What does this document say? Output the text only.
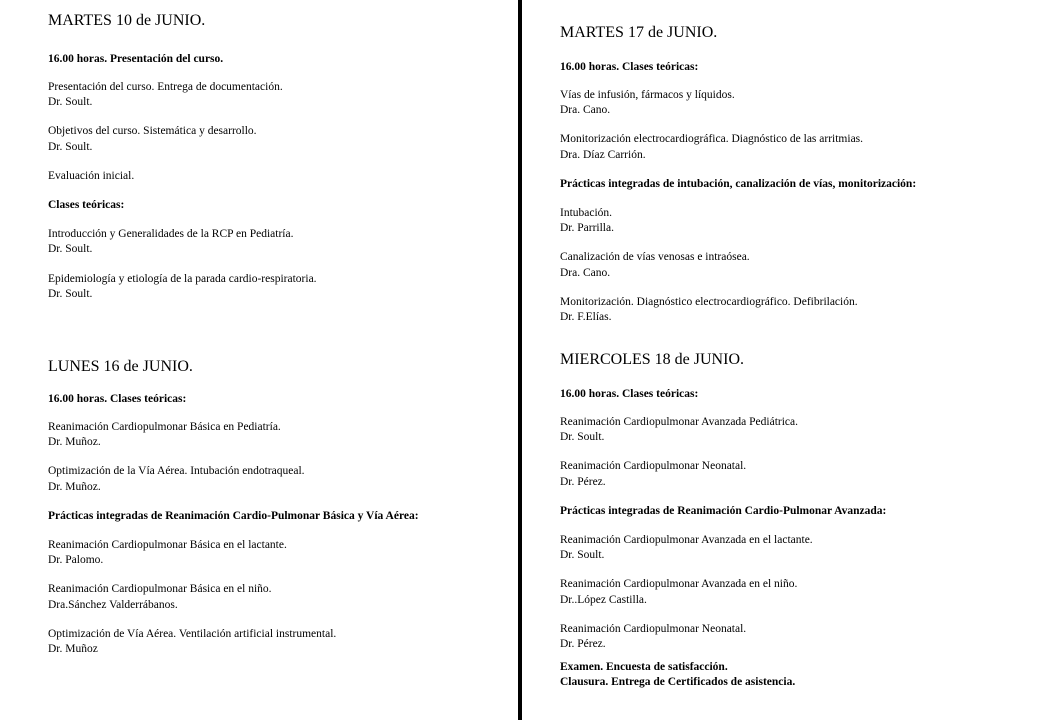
MARTES 10 de JUNIO.
16.00 horas. Presentación del curso.
Presentación del curso. Entrega de documentación.
Dr. Soult.
Objetivos del curso. Sistemática y desarrollo.
Dr. Soult.
Evaluación inicial.
Clases teóricas:
Introducción y Generalidades de la RCP en Pediatría.
Dr. Soult.
Epidemiología y etiología de la parada cardio-respiratoria.
Dr. Soult.
LUNES 16 de JUNIO.
16.00 horas. Clases teóricas:
Reanimación Cardiopulmonar Básica en Pediatría.
Dr. Muñoz.
Optimización de la Vía Aérea. Intubación endotraqueal.
Dr. Muñoz.
Prácticas integradas de Reanimación Cardio-Pulmonar Básica y Vía Aérea:
Reanimación Cardiopulmonar Básica en el lactante.
Dr. Palomo.
Reanimación Cardiopulmonar Básica en el niño.
Dra.Sánchez Valderrábanos.
Optimización de Vía Aérea. Ventilación artificial instrumental.
Dr. Muñoz
MARTES 17 de JUNIO.
16.00 horas. Clases teóricas:
Vías de infusión, fármacos y líquidos.
Dra. Cano.
Monitorización electrocardiográfica. Diagnóstico de las arritmias.
Dra. Díaz Carrión.
Prácticas integradas de intubación, canalización de vías, monitorización:
Intubación.
Dr. Parrilla.
Canalización de vías venosas e intraósea.
Dra. Cano.
Monitorización. Diagnóstico electrocardiográfico. Defibrilación.
Dr. F.Elías.
MIERCOLES 18 de JUNIO.
16.00 horas. Clases teóricas:
Reanimación Cardiopulmonar Avanzada Pediátrica.
Dr. Soult.
Reanimación Cardiopulmonar Neonatal.
Dr. Pérez.
Prácticas integradas de Reanimación Cardio-Pulmonar Avanzada:
Reanimación Cardiopulmonar Avanzada en el lactante.
Dr. Soult.
Reanimación Cardiopulmonar Avanzada en el niño.
Dr..López Castilla.
Reanimación Cardiopulmonar Neonatal.
Dr. Pérez.
Examen. Encuesta de satisfacción.
Clausura. Entrega de Certificados de asistencia.
